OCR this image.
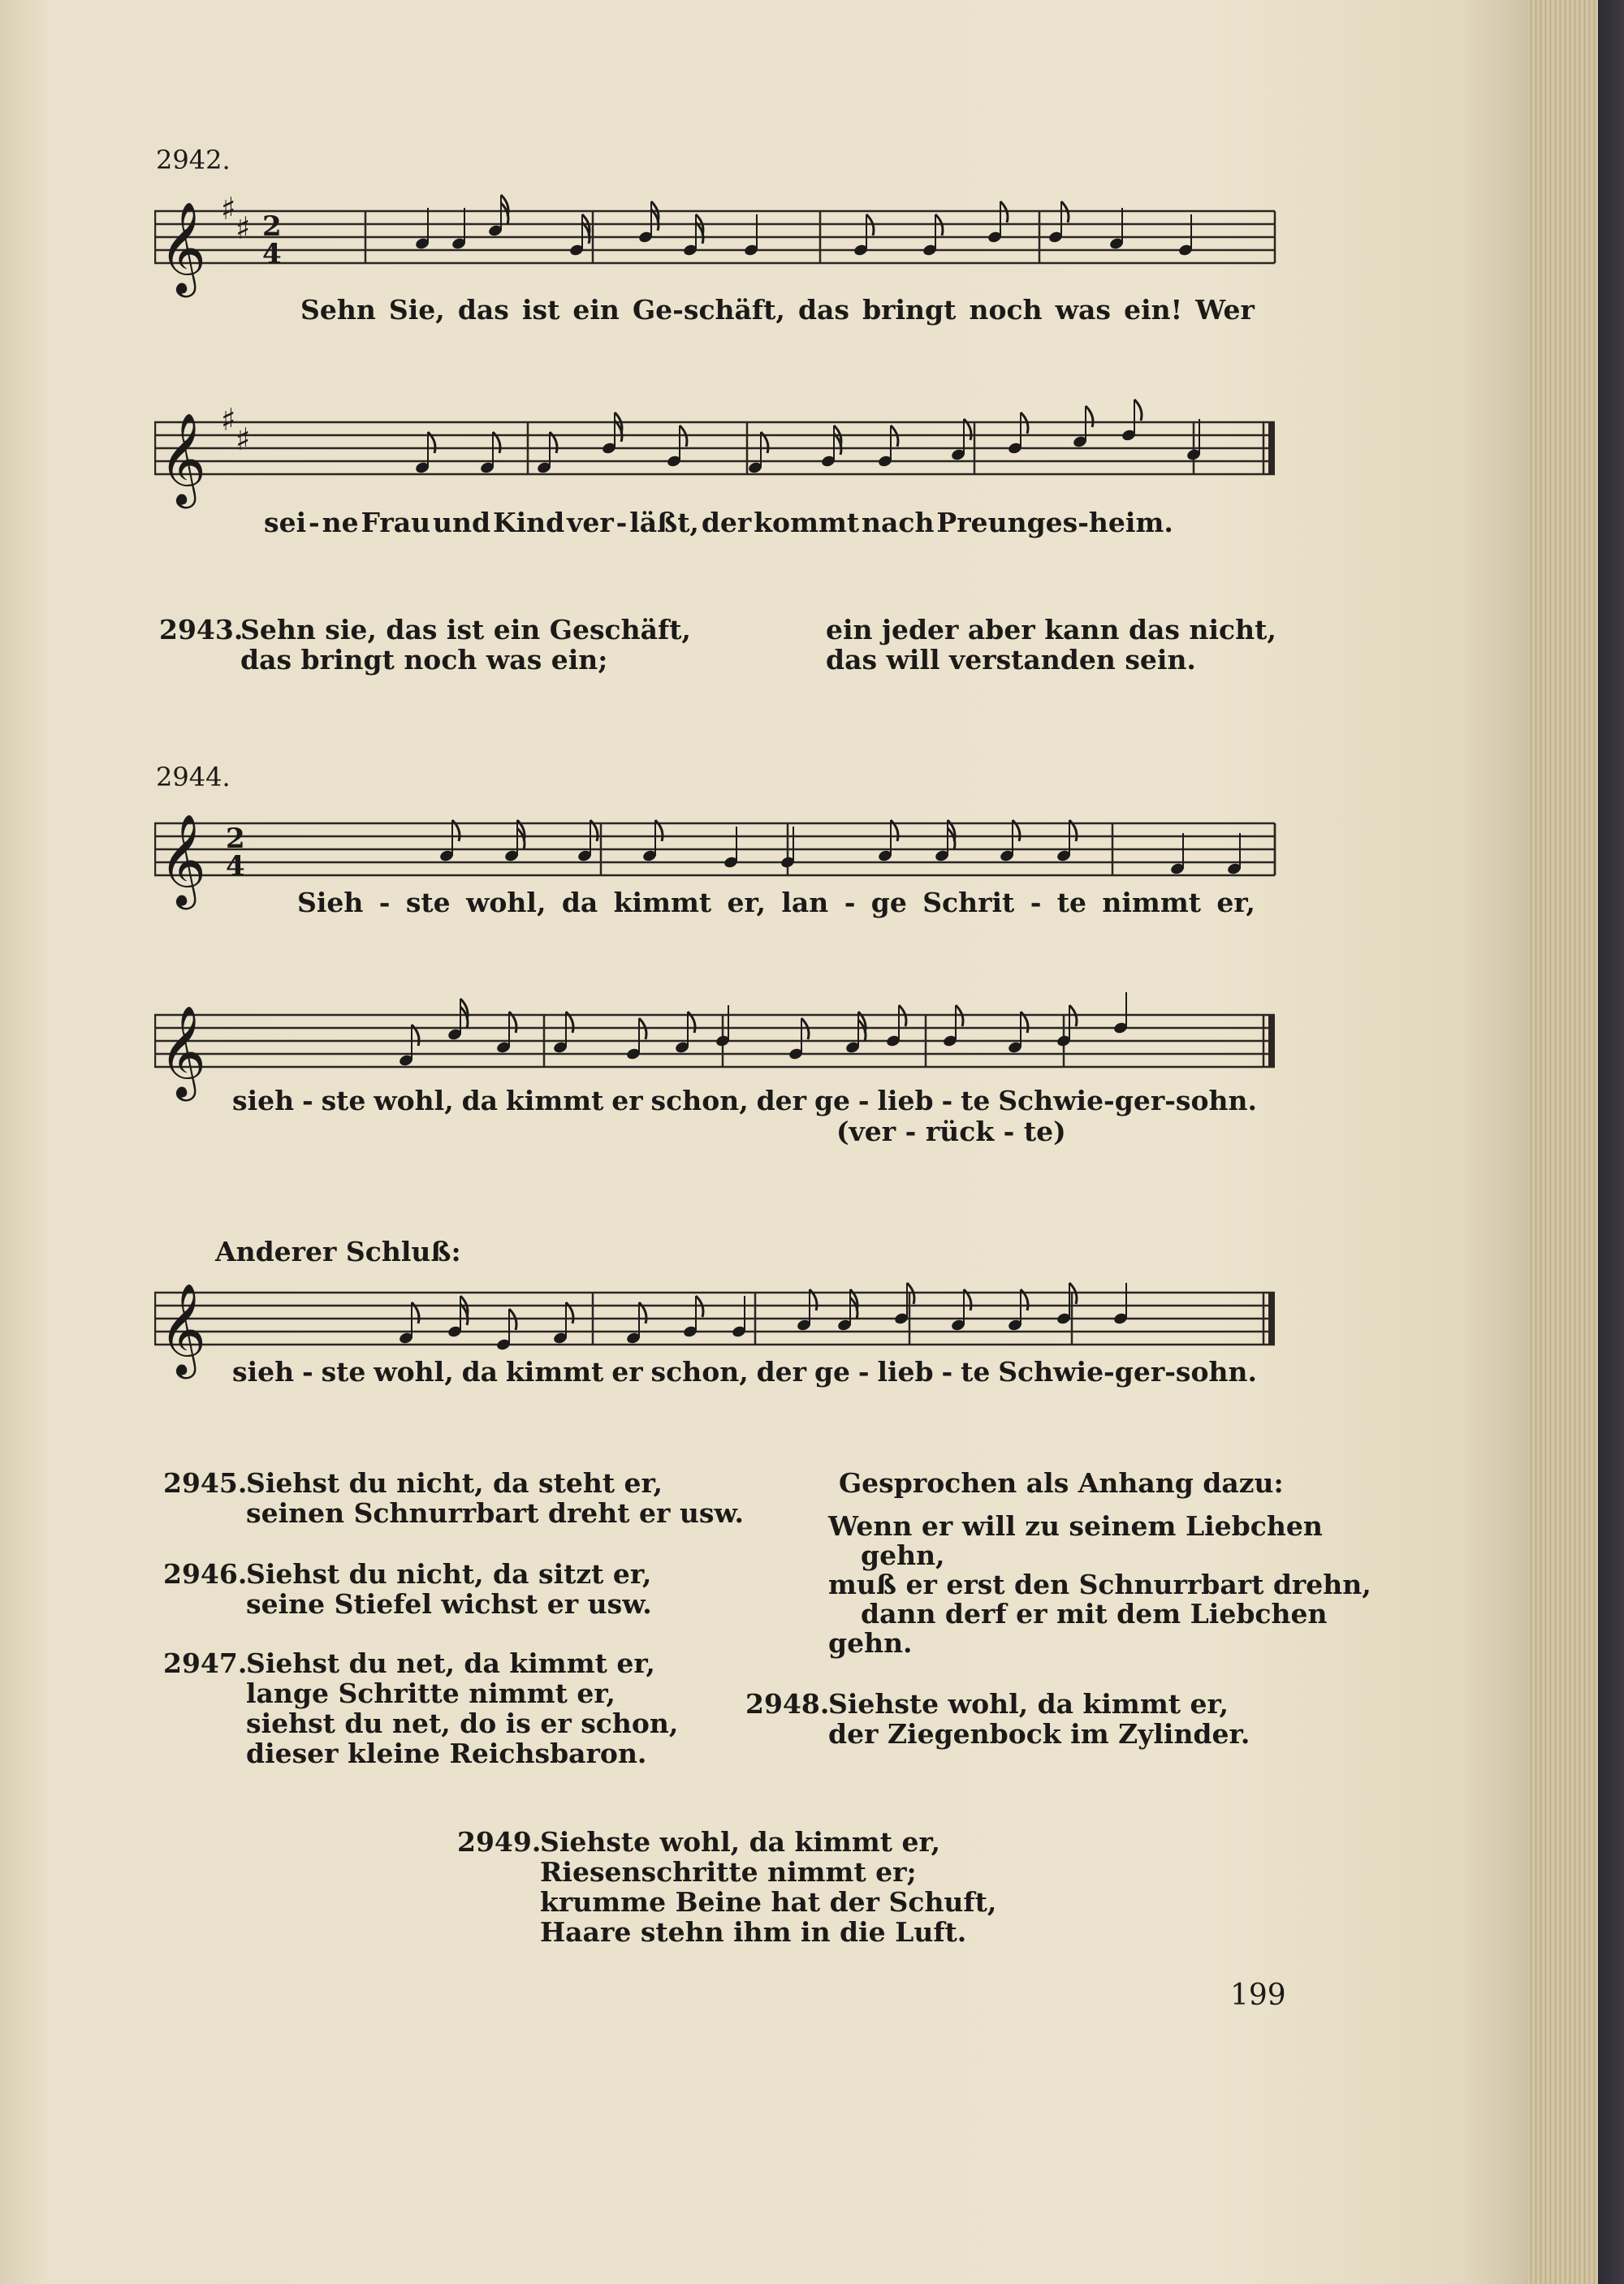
2942.
𝄞 ♯
♯ 2
4
𝄞 ♯
♯
Sehn Sie, das ist ein Ge-schäft, das bringt noch was ein! Wer
sei - ne Frau und Kind ver - läßt, der kommt nach Preunges-heim.
2943.
Sehn sie, das ist ein Geschäft,
das bringt noch was ein;
ein jeder aber kann das nicht,
das will verstanden sein.
2944.
𝄞 2
4
Sieh - ste wohl, da kimmt er, lan - ge Schrit - te nimmt er,
𝄞
sieh - ste wohl, da kimmt er schon, der ge - lieb - te Schwie-ger-sohn.
(ver - rück - te)
Anderer Schluß:
𝄞 sieh - ste wohl, da kimmt er schon, der ge - lieb - te Schwie-ger-sohn.
2945.
Siehst du nicht, da steht er,
seinen Schnurrbart dreht er usw.
2946.
Siehst du nicht, da sitzt er,
seine Stiefel wichst er usw.
2947.
Siehst du net, da kimmt er,
lange Schritte nimmt er,
siehst du net, do is er schon,
dieser kleine Reichsbaron.
Gesprochen als Anhang dazu:
Wenn er will zu seinem Liebchen
gehn,
muß er erst den Schnurrbart drehn,
dann derf er mit dem Liebchen
gehn.
2948.
Siehste wohl, da kimmt er,
der Ziegenbock im Zylinder.
2949.
Siehste wohl, da kimmt er,
Riesenschritte nimmt er;
krumme Beine hat der Schuft,
Haare stehn ihm in die Luft.
199
